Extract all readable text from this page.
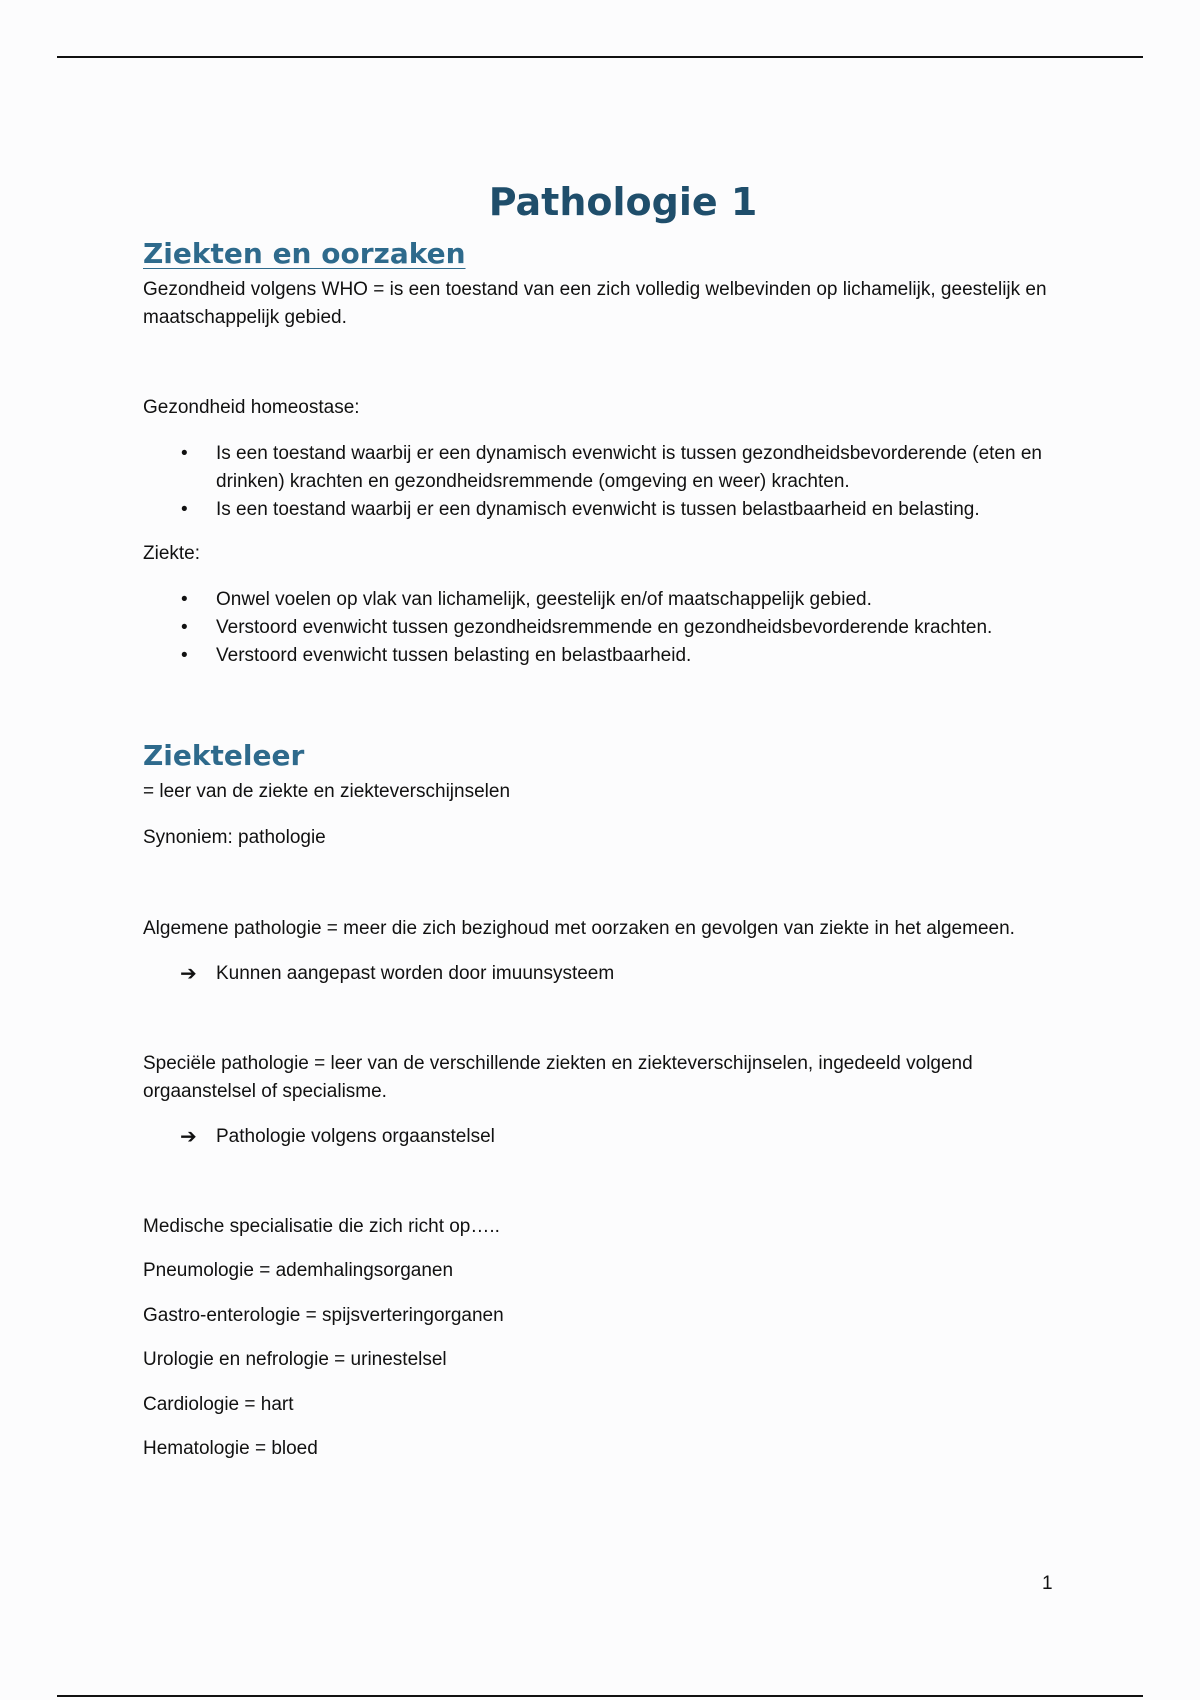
Pathologie 1
Ziekten en oorzaken

Gezondheid volgens WHO = is een toestand van een zich volledig welbevinden op lichamelijk, geestelijk en maatschappelijk gebied.

Gezondheid homeostase:

• Is een toestand waarbij er een dynamisch evenwicht is tussen gezondheidsbevorderende (eten en drinken) krachten en gezondheidsremmende (omgeving en weer) krachten.
• Is een toestand waarbij er een dynamisch evenwicht is tussen belastbaarheid en belasting.

Ziekte:

• Onwel voelen op vlak van lichamelijk, geestelijk en/of maatschappelijk gebied.
• Verstoord evenwicht tussen gezondheidsremmende en gezondheidsbevorderende krachten.
• Verstoord evenwicht tussen belasting en belastbaarheid.
Ziekteleer

= leer van de ziekte en ziekteverschijnselen

Synoniem: pathologie

Algemene pathologie = meer die zich bezighoud met oorzaken en gevolgen van ziekte in het algemeen.

➔ Kunnen aangepast worden door imuunsysteem

Speciële pathologie = leer van de verschillende ziekten en ziekteverschijnselen, ingedeeld volgend orgaanstelsel of specialisme.

➔ Pathologie volgens orgaanstelsel

Medische specialisatie die zich richt op…..

Pneumologie = ademhalingsorganen

Gastro-enterologie = spijsverteringorganen

Urologie en nefrologie = urinestelsel

Cardiologie = hart

Hematologie = bloed

1
